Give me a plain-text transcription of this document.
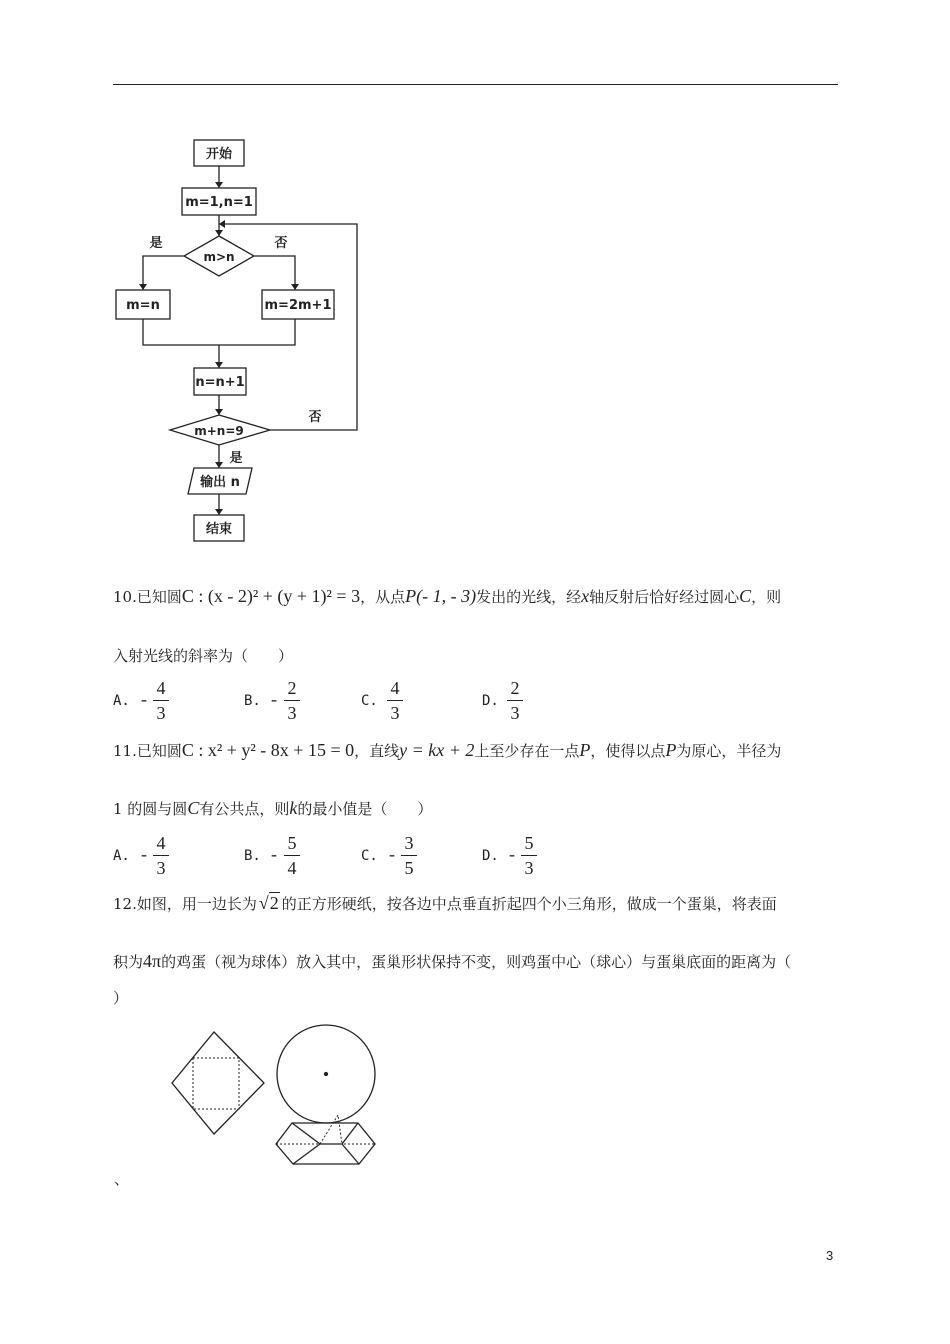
开始
m=1,n=1
m>n
是	否
m=n	m=2m+1
n=n+1
m+n=9
否
是
输出 n
结束
10.已知圆C : (x - 2)² + (y + 1)² = 3，从点P(- 1, - 3)发出的光线，经x轴反射后恰好经过圆心C，则
入射光线的斜率为（　　）
A. -
4
3
B. -
2
3
C.
4
3
D.
2
3
11.已知圆C : x² + y² - 8x + 15 = 0，直线y = kx + 2上至少存在一点P，使得以点P为原心，半径为
1 的圆与圆C有公共点，则k的最小值是（　　）
A. -
4
3
B. -
5
4
C. -
3
5
D. -
5
3
12.如图，用一边长为 √2 的正方形硬纸，按各边中点垂直折起四个小三角形，做成一个蛋巢，将表面
积为4π的鸡蛋（视为球体）放入其中，蛋巢形状保持不变，则鸡蛋中心（球心）与蛋巢底面的距离为（
）
、
3
